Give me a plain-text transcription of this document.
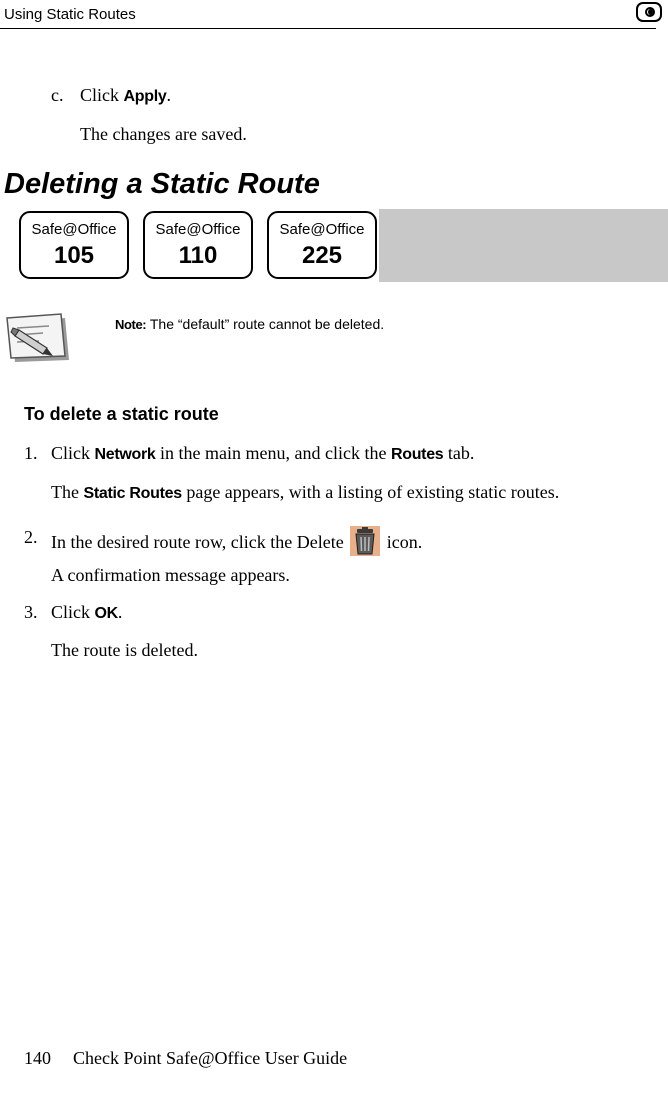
Using Static Routes
c. Click Apply.
The changes are saved.
Deleting a Static Route
Safe@Office
105
Safe@Office
110
Safe@Office
225
Note: The “default” route cannot be deleted.
To delete a static route
1. Click Network in the main menu, and click the Routes tab.
The Static Routes page appears, with a listing of existing static routes.
2. In the desired route row, click the Delete  icon.
A confirmation message appears.
3. Click OK.
The route is deleted.
140 Check Point Safe@Office User Guide
